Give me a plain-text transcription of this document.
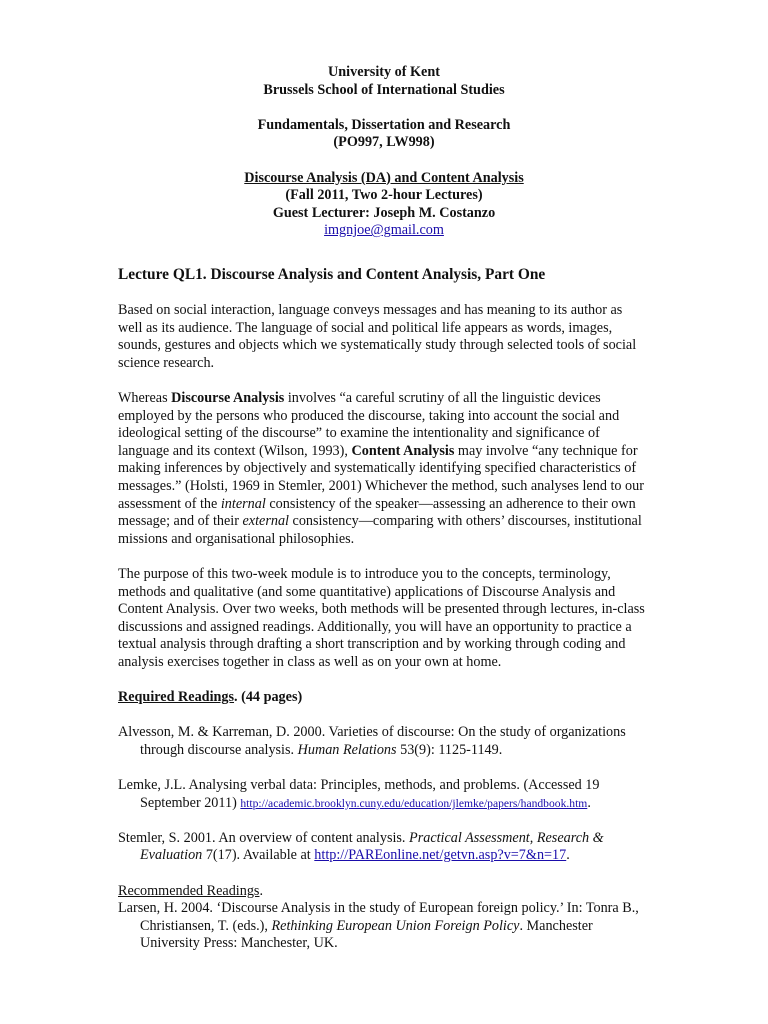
University of Kent
Brussels School of International Studies
Fundamentals, Dissertation and Research
(PO997, LW998)
Discourse Analysis (DA) and Content Analysis
(Fall 2011, Two 2-hour Lectures)
Guest Lecturer: Joseph M. Costanzo
imgnjoe@gmail.com
Lecture QL1. Discourse Analysis and Content Analysis, Part One

Based on social interaction, language conveys messages and has meaning to its author as well as its audience. The language of social and political life appears as words, images, sounds, gestures and objects which we systematically study through selected tools of social science research.

Whereas Discourse Analysis involves “a careful scrutiny of all the linguistic devices employed by the persons who produced the discourse, taking into account the social and ideological setting of the discourse” to examine the intentionality and significance of language and its context (Wilson, 1993), Content Analysis may involve “any technique for making inferences by objectively and systematically identifying specified characteristics of messages.” (Holsti, 1969 in Stemler, 2001) Whichever the method, such analyses lend to our assessment of the internal consistency of the speaker—assessing an adherence to their own message; and of their external consistency—comparing with others’ discourses, institutional missions and organisational philosophies.

The purpose of this two-week module is to introduce you to the concepts, terminology, methods and qualitative (and some quantitative) applications of Discourse Analysis and Content Analysis. Over two weeks, both methods will be presented through lectures, in-class discussions and assigned readings. Additionally, you will have an opportunity to practice a textual analysis through drafting a short transcription and by working through coding and analysis exercises together in class as well as on your own at home.

Required Readings. (44 pages)
Alvesson, M. & Karreman, D. 2000. Varieties of discourse: On the study of organizations through discourse analysis. Human Relations 53(9): 1125-1149.
Lemke, J.L. Analysing verbal data: Principles, methods, and problems. (Accessed 19 September 2011) http://academic.brooklyn.cuny.edu/education/jlemke/papers/handbook.htm.
Stemler, S. 2001. An overview of content analysis. Practical Assessment, Research & Evaluation 7(17). Available at http://PAREonline.net/getvn.asp?v=7&n=17.
Recommended Readings.
Larsen, H. 2004. ‘Discourse Analysis in the study of European foreign policy.’ In: Tonra B., Christiansen, T. (eds.), Rethinking European Union Foreign Policy. Manchester University Press: Manchester, UK.
